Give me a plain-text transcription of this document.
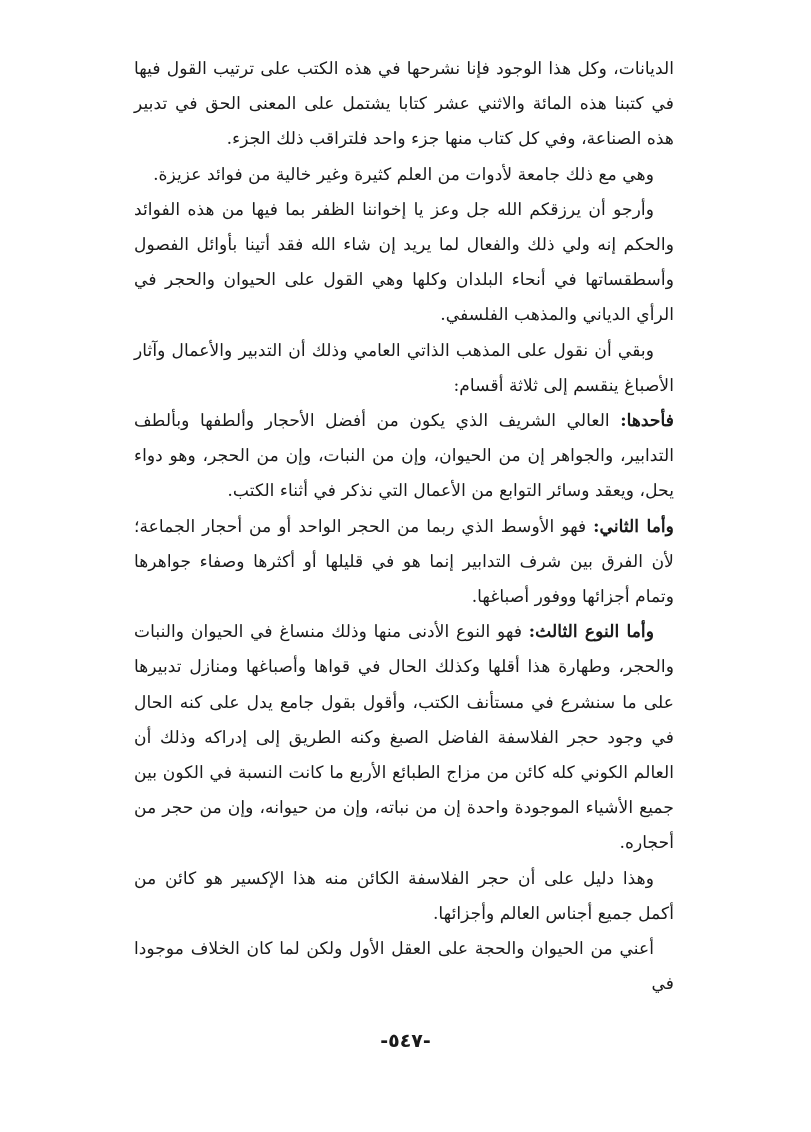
الديانات، وكل هذا الوجود فإنا نشرحها في هذه الكتب على ترتيب القول فيها في كتبنا هذه المائة والاثني عشر كتابا يشتمل على المعنى الحق في تدبير هذه الصناعة، وفي كل كتاب منها جزء واحد فلتراقب ذلك الجزء.

وهي مع ذلك جامعة لأدوات من العلم كثيرة وغير خالية من فوائد عزيزة.

وأرجو أن يرزقكم الله جل وعز يا إخواننا الظفر بما فيها من هذه الفوائد والحكم إنه ولي ذلك والفعال لما يريد إن شاء الله فقد أتينا بأوائل الفصول وأسطقساتها في أنحاء البلدان وكلها وهي القول على الحيوان والحجر في الرأي الدياني والمذهب الفلسفي.

وبقي أن نقول على المذهب الذاتي العامي وذلك أن التدبير والأعمال وآثار الأصباغ ينقسم إلى ثلاثة أقسام:

فأحدها: العالي الشريف الذي يكون من أفضل الأحجار وألطفها وبألطف التدابير، والجواهر إن من الحيوان، وإن من النبات، وإن من الحجر، وهو دواء يحل، ويعقد وسائر التوابع من الأعمال التي نذكر في أثناء الكتب.

وأما الثاني: فهو الأوسط الذي ربما من الحجر الواحد أو من أحجار الجماعة؛ لأن الفرق بين شرف التدابير إنما هو في قليلها أو أكثرها وصفاء جواهرها وتمام أجزائها ووفور أصباغها.

وأما النوع الثالث: فهو النوع الأدنى منها وذلك منساغ في الحيوان والنبات والحجر، وطهارة هذا أقلها وكذلك الحال في قواها وأصباغها ومنازل تدبيرها على ما سنشرع في مستأنف الكتب، وأقول بقول جامع يدل على كنه الحال في وجود حجر الفلاسفة الفاضل الصبغ وكنه الطريق إلى إدراكه وذلك أن العالم الكوني كله كائن من مزاج الطبائع الأربع ما كانت النسبة في الكون بين جميع الأشياء الموجودة واحدة إن من نباته، وإن من حيوانه، وإن من حجر من أحجاره.

وهذا دليل على أن حجر الفلاسفة الكائن منه هذا الإكسير هو كائن من أكمل جميع أجناس العالم وأجزائها.

أعني من الحيوان والحجة على العقل الأول ولكن لما كان الخلاف موجودا في

-٥٤٧-
